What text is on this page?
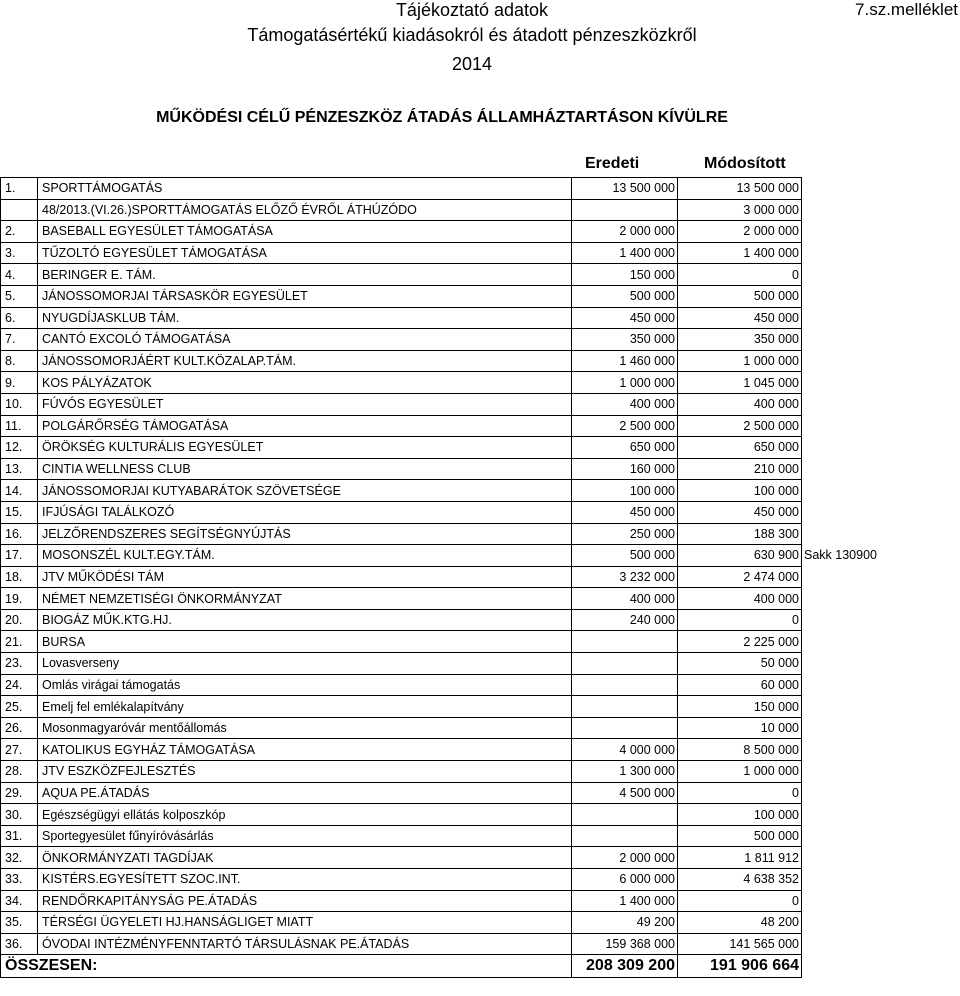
Tájékoztató adatok
Támogatásértékű kiadásokról és átadott pénzeszközkről
2014
7.sz.melléklet
MŰKÖDÉSI CÉLŰ PÉNZESZKÖZ ÁTADÁS ÁLLAMHÁZTARTÁSON KÍVÜLRE
Eredeti	Módosított
1.	SPORTTÁMOGATÁS	13 500 000	13 500 000	
	48/2013.(VI.26.)SPORTTÁMOGATÁS ELŐZŐ ÉVRŐL ÁTHÚZÓDO		3 000 000	
2.	BASEBALL EGYESÜLET TÁMOGATÁSA	2 000 000	2 000 000	
3.	TŰZOLTÓ EGYESÜLET TÁMOGATÁSA	1 400 000	1 400 000	
4.	BERINGER E. TÁM.	150 000	0	
5.	JÁNOSSOMORJAI TÁRSASKÖR EGYESÜLET	500 000	500 000	
6.	NYUGDÍJASKLUB TÁM.	450 000	450 000	
7.	CANTÓ EXCOLÓ TÁMOGATÁSA	350 000	350 000	
8.	JÁNOSSOMORJÁÉRT KULT.KÖZALAP.TÁM.	1 460 000	1 000 000	
9.	KOS PÁLYÁZATOK	1 000 000	1 045 000	
10.	FÚVÓS EGYESÜLET	400 000	400 000	
11.	POLGÁRŐRSÉG TÁMOGATÁSA	2 500 000	2 500 000	
12.	ÖRÖKSÉG KULTURÁLIS EGYESÜLET	650 000	650 000	
13.	CINTIA WELLNESS CLUB	160 000	210 000	
14.	JÁNOSSOMORJAI KUTYABARÁTOK SZÖVETSÉGE	100 000	100 000	
15.	IFJÚSÁGI TALÁLKOZÓ	450 000	450 000	
16.	JELZŐRENDSZERES SEGÍTSÉGNYÚJTÁS	250 000	188 300	
17.	MOSONSZÉL KULT.EGY.TÁM.	500 000	630 900	Sakk 130900
18.	JTV MŰKÖDÉSI TÁM	3 232 000	2 474 000	
19.	NÉMET NEMZETISÉGI ÖNKORMÁNYZAT	400 000	400 000	
20.	BIOGÁZ MŰK.KTG.HJ.	240 000	0	
21.	BURSA		2 225 000	
23.	Lovasverseny		50 000	
24.	Omlás virágai támogatás		60 000	
25.	Emelj fel emlékalapítvány		150 000	
26.	Mosonmagyaróvár mentőállomás		10 000	
27.	KATOLIKUS EGYHÁZ TÁMOGATÁSA	4 000 000	8 500 000	
28.	JTV ESZKÖZFEJLESZTÉS	1 300 000	1 000 000	
29.	AQUA PE.ÁTADÁS	4 500 000	0	
30.	Egészségügyi ellátás kolposzkóp		100 000	
31.	Sportegyesület fűnyíróvásárlás		500 000	
32.	ÖNKORMÁNYZATI TAGDÍJAK	2 000 000	1 811 912	
33.	KISTÉRS.EGYESÍTETT SZOC.INT.	6 000 000	4 638 352	
34.	RENDŐRKAPITÁNYSÁG PE.ÁTADÁS	1 400 000	0	
35.	TÉRSÉGI ÜGYELETI HJ.HANSÁGLIGET MIATT	49 200	48 200	
36.	ÓVODAI INTÉZMÉNYFENNTARTÓ TÁRSULÁSNAK PE.ÁTADÁS	159 368 000	141 565 000	
ÖSSZESEN:		208 309 200	191 906 664	
